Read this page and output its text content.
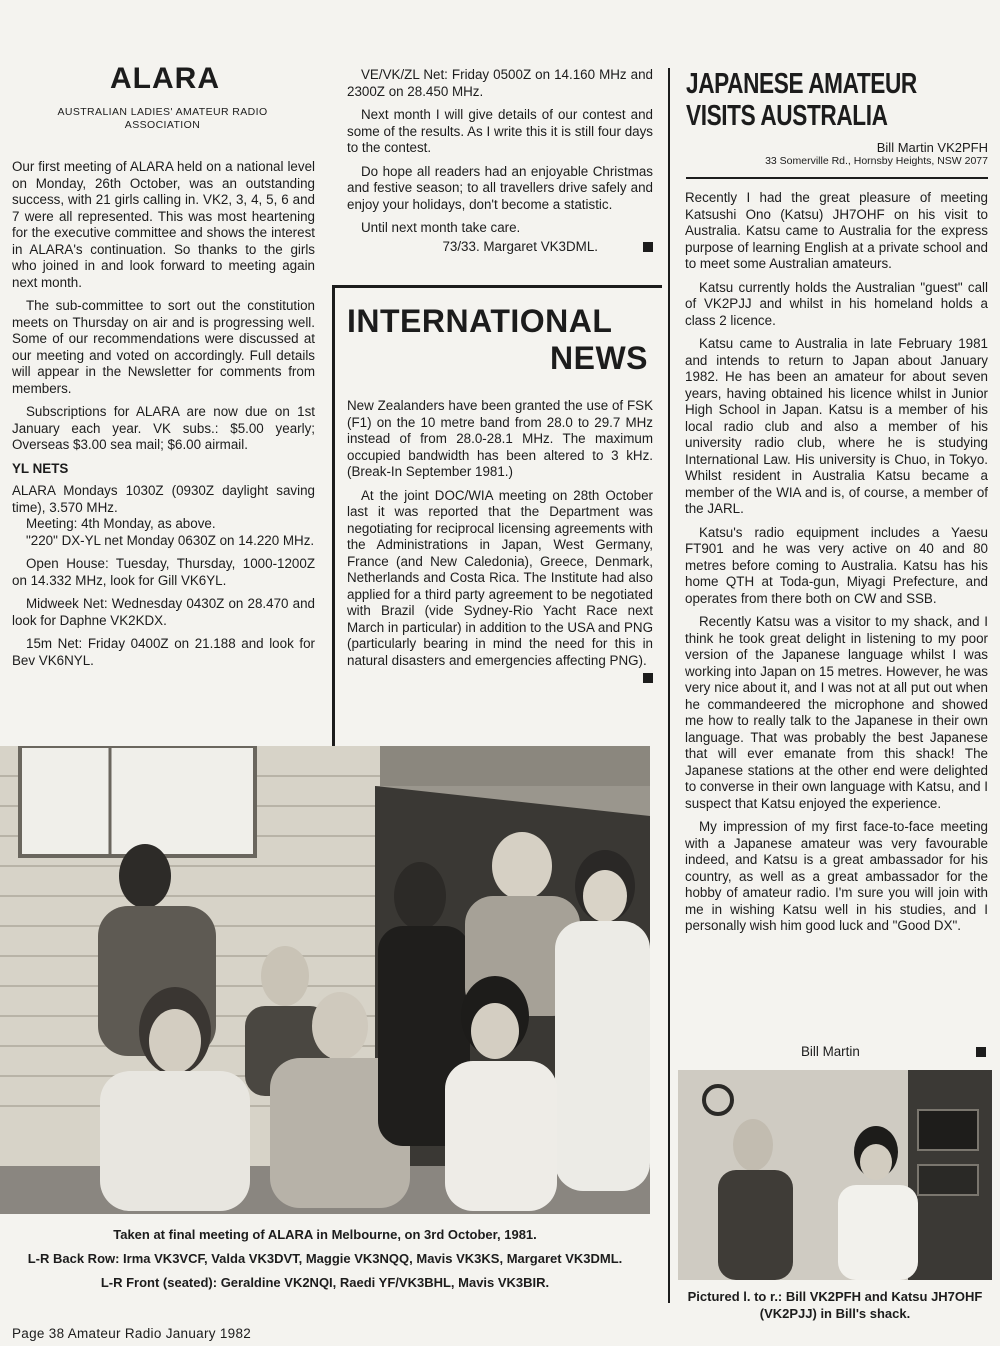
ALARA
AUSTRALIAN LADIES' AMATEUR RADIO ASSOCIATION

Our first meeting of ALARA held on a national level on Monday, 26th October, was an outstanding success, with 21 girls calling in. VK2, 3, 4, 5, 6 and 7 were all represented. This was most heartening for the executive committee and shows the interest in ALARA's continuation. So thanks to the girls who joined in and look forward to meeting again next month.

The sub-committee to sort out the constitution meets on Thursday on air and is progressing well. Some of our recommendations were discussed at our meeting and voted on accordingly. Full details will appear in the Newsletter for comments from members.

Subscriptions for ALARA are now due on 1st January each year. VK subs.: $5.00 yearly; Overseas $3.00 sea mail; $6.00 airmail.

YL NETS

ALARA Mondays 1030Z (0930Z daylight saving time), 3.570 MHz.

Meeting: 4th Monday, as above.

"220" DX-YL net Monday 0630Z on 14.220 MHz.

Open House: Tuesday, Thursday, 1000-1200Z on 14.332 MHz, look for Gill VK6YL.

Midweek Net: Wednesday 0430Z on 28.470 and look for Daphne VK2KDX.

15m Net: Friday 0400Z on 21.188 and look for Bev VK6NYL.

VE/VK/ZL Net: Friday 0500Z on 14.160 MHz and 2300Z on 28.450 MHz.

Next month I will give details of our contest and some of the results. As I write this it is still four days to the contest.

Do hope all readers had an enjoyable Christmas and festive season; to all travellers drive safely and enjoy your holidays, don't become a statistic.

Until next month take care.

73/33. Margaret VK3DML.
INTERNATIONAL
NEWS

New Zealanders have been granted the use of FSK (F1) on the 10 metre band from 28.0 to 29.7 MHz instead of from 28.0-28.1 MHz. The maximum occupied bandwidth has been altered to 3 kHz. (Break-In September 1981.)

At the joint DOC/WIA meeting on 28th October last it was reported that the Department was negotiating for reciprocal licensing agreements with the Administrations in Japan, West Germany, France (and New Caledonia), Greece, Denmark, Netherlands and Costa Rica. The Institute had also applied for a third party agreement to be negotiated with Brazil (vide Sydney-Rio Yacht Race next March in particular) in addition to the USA and PNG (particularly bearing in mind the need for this in natural disasters and emergencies affecting PNG).

JAPANESE AMATEUR
VISITS AUSTRALIA
Bill Martin VK2PFH
33 Somerville Rd., Hornsby Heights, NSW 2077

Recently I had the great pleasure of meeting Katsushi Ono (Katsu) JH7OHF on his visit to Australia. Katsu came to Australia for the express purpose of learning English at a private school and to meet some Australian amateurs.

Katsu currently holds the Australian "guest" call of VK2PJJ and whilst in his homeland holds a class 2 licence.

Katsu came to Australia in late February 1981 and intends to return to Japan about January 1982. He has been an amateur for about seven years, having obtained his licence whilst in Junior High School in Japan. Katsu is a member of his local radio club and also a member of his university radio club, where he is studying International Law. His university is Chuo, in Tokyo. Whilst resident in Australia Katsu became a member of the WIA and is, of course, a member of the JARL.

Katsu's radio equipment includes a Yaesu FT901 and he was very active on 40 and 80 metres before coming to Australia. Katsu has his home QTH at Toda-gun, Miyagi Prefecture, and operates from there both on CW and SSB.

Recently Katsu was a visitor to my shack, and I think he took great delight in listening to my poor version of the Japanese language whilst I was working into Japan on 15 metres. However, he was very nice about it, and I was not at all put out when he commandeered the microphone and showed me how to really talk to the Japanese in their own language. That was probably the best Japanese that will ever emanate from this shack! The Japanese stations at the other end were delighted to converse in their own language with Katsu, and I suspect that Katsu enjoyed the experience.

My impression of my first face-to-face meeting with a Japanese amateur was very favourable indeed, and Katsu is a great ambassador for his country, as well as a great ambassador for the hobby of amateur radio. I'm sure you will join with me in wishing Katsu well in his studies, and I personally wish him good luck and "Good DX".

Bill Martin

Taken at final meeting of ALARA in Melbourne, on 3rd October, 1981.

L-R Back Row: Irma VK3VCF, Valda VK3DVT, Maggie VK3NQQ, Mavis VK3KS, Margaret VK3DML.

L-R Front (seated): Geraldine VK2NQI, Raedi YF/VK3BHL, Mavis VK3BIR.

Pictured l. to r.: Bill VK2PFH and Katsu JH7OHF (VK2PJJ) in Bill's shack.
Page 38 Amateur Radio January 1982
